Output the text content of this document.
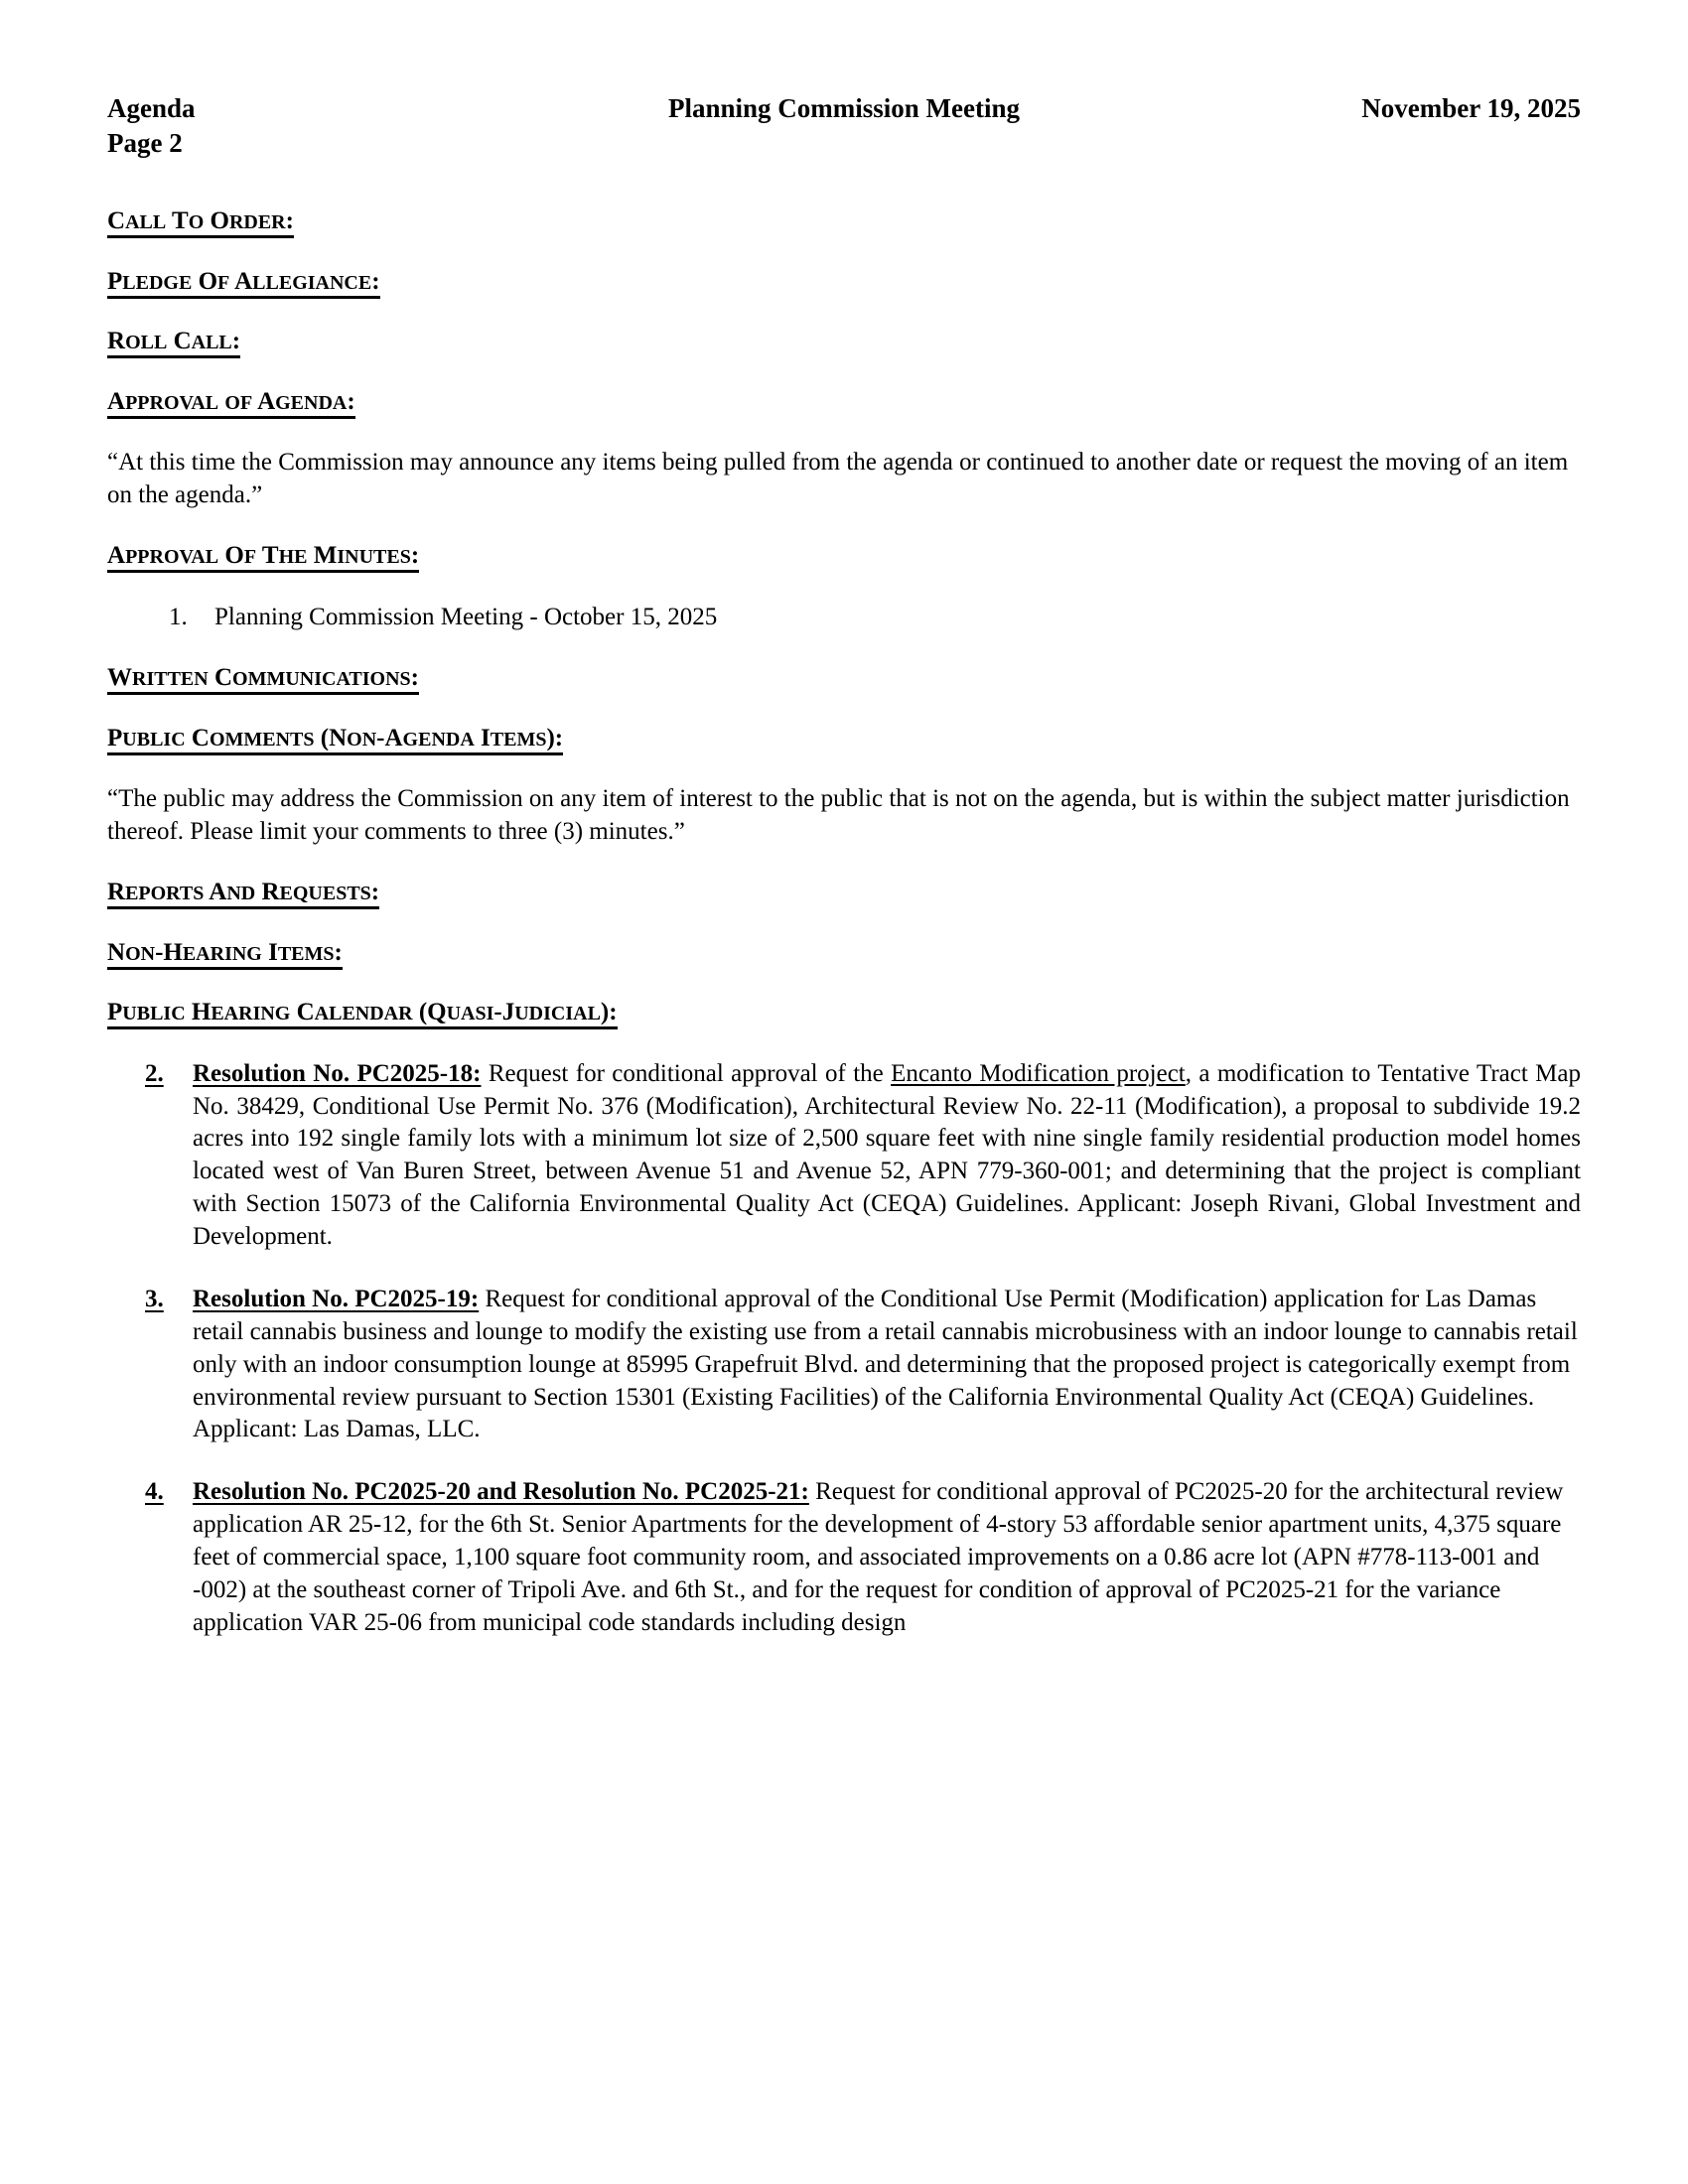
Agenda
Page 2
Planning Commission Meeting	November 19, 2025
CALL TO ORDER:
PLEDGE OF ALLEGIANCE:
ROLL CALL:
APPROVAL OF AGENDA:

“At this time the Commission may announce any items being pulled from the agenda or continued to another date or request the moving of an item on the agenda.”

APPROVAL OF THE MINUTES:
1.	Planning Commission Meeting - October 15, 2025
WRITTEN COMMUNICATIONS:
PUBLIC COMMENTS (NON-AGENDA ITEMS):

“The public may address the Commission on any item of interest to the public that is not on the agenda, but is within the subject matter jurisdiction thereof. Please limit your comments to three (3) minutes.”

REPORTS AND REQUESTS:
NON-HEARING ITEMS:
PUBLIC HEARING CALENDAR (QUASI-JUDICIAL):
2.	Resolution No. PC2025-18: Request for conditional approval of the Encanto Modification project, a modification to Tentative Tract Map No. 38429, Conditional Use Permit No. 376 (Modification), Architectural Review No. 22-11 (Modification), a proposal to subdivide 19.2 acres into 192 single family lots with a minimum lot size of 2,500 square feet with nine single family residential production model homes located west of Van Buren Street, between Avenue 51 and Avenue 52, APN 779-360-001; and determining that the project is compliant with Section 15073 of the California Environmental Quality Act (CEQA) Guidelines. Applicant: Joseph Rivani, Global Investment and Development.
3.	Resolution No. PC2025-19: Request for conditional approval of the Conditional Use Permit (Modification) application for Las Damas retail cannabis business and lounge to modify the existing use from a retail cannabis microbusiness with an indoor lounge to cannabis retail only with an indoor consumption lounge at 85995 Grapefruit Blvd. and determining that the proposed project is categorically exempt from environmental review pursuant to Section 15301 (Existing Facilities) of the California Environmental Quality Act (CEQA) Guidelines. Applicant: Las Damas, LLC.
4.	Resolution No. PC2025-20 and Resolution No. PC2025-21: Request for conditional approval of PC2025-20 for the architectural review application AR 25-12, for the 6th St. Senior Apartments for the development of 4-story 53 affordable senior apartment units, 4,375 square feet of commercial space, 1,100 square foot community room, and associated improvements on a 0.86 acre lot (APN #778-113-001 and -002) at the southeast corner of Tripoli Ave. and 6th St., and for the request for condition of approval of PC2025-21 for the variance application VAR 25-06 from municipal code standards including design
